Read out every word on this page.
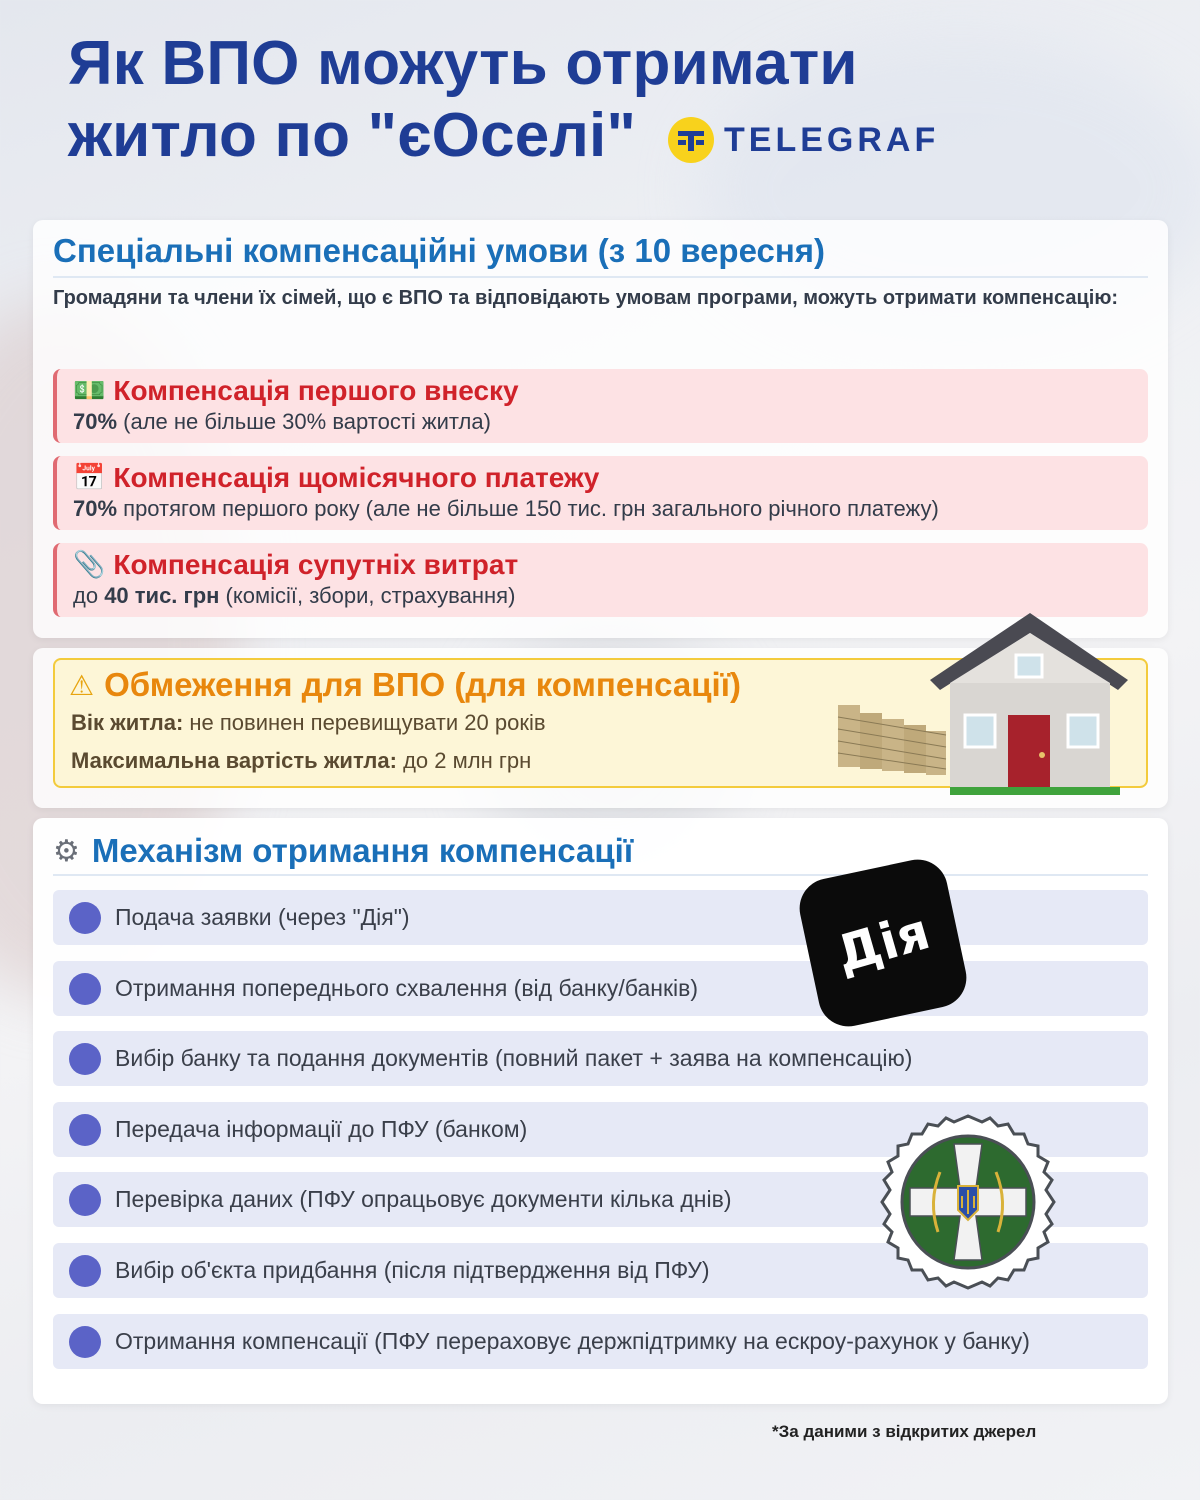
Як ВПО можуть отримати
житло по "єОселі"	TELEGRAF
Спеціальні компенсаційні умови (з 10 вересня)
Громадяни та члени їх сімей, що є ВПО та відповідають умовам програми, можуть отримати компенсацію:
💵 Компенсація першого внеску
70% (але не більше 30% вартості житла)
📅 Компенсація щомісячного платежу
70% протягом першого року (але не більше 150 тис. грн загального річного платежу)
📎 Компенсація супутніх витрат
до 40 тис. грн (комісії, збори, страхування)
⚠ Обмеження для ВПО (для компенсації)
Вік житла: не повинен перевищувати 20 років
Максимальна вартість житла: до 2 млн грн
⚙ Механізм отримання компенсації
Подача заявки (через "Дія")
Отримання попереднього схвалення (від банку/банків)
Вибір банку та подання документів (повний пакет + заява на компенсацію)
Передача інформації до ПФУ (банком)
Перевірка даних (ПФУ опрацьовує документи кілька днів)
Вибір об'єкта придбання (після підтвердження від ПФУ)
Отримання компенсації (ПФУ перераховує держпідтримку на ескроу-рахунок у банку)
Дія
*За даними з відкритих джерел
